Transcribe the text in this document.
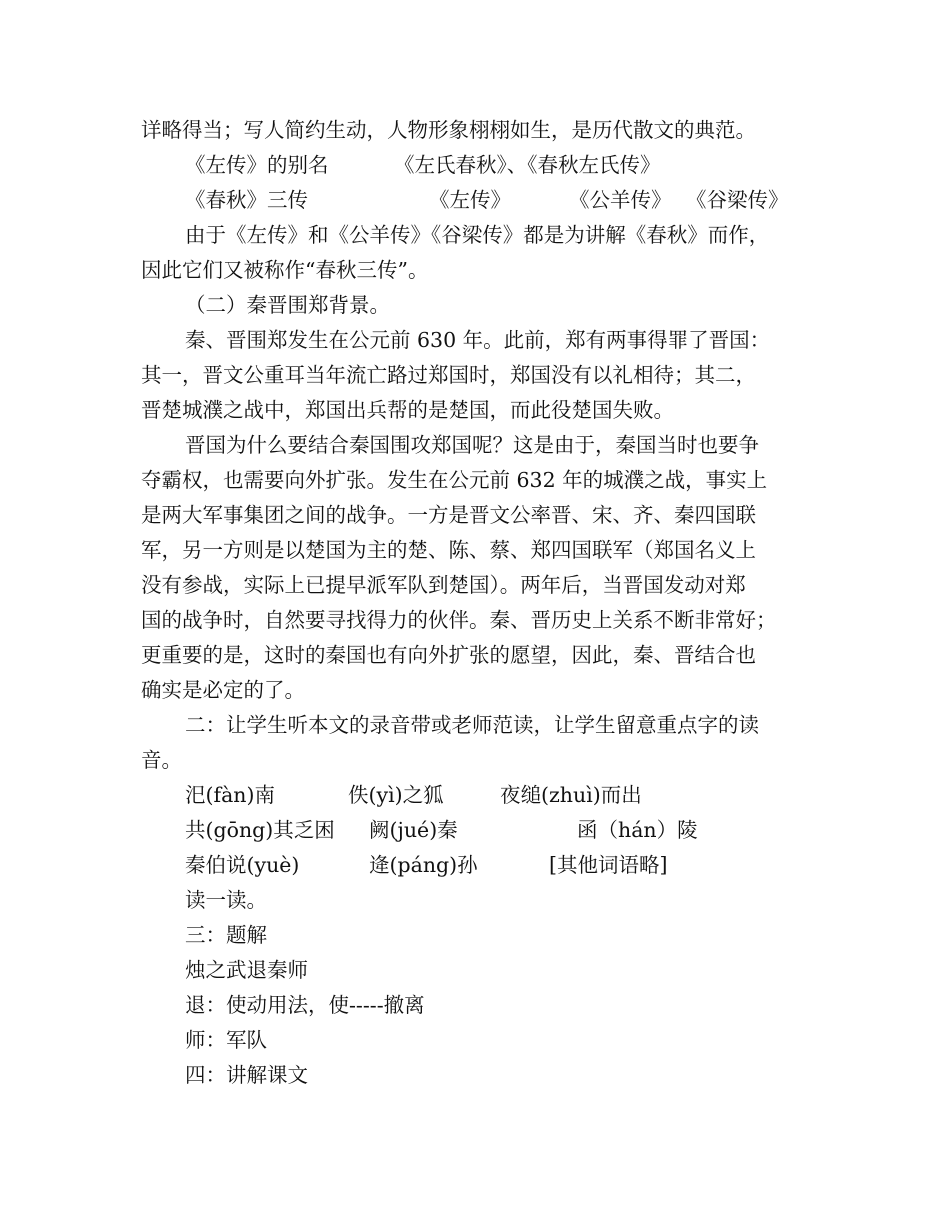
详略得当；写人简约生动，人物形象栩栩如生，是历代散文的典范。
《左传》的别名	《左氏春秋》、《春秋左氏传》
《春秋》三传	《左传》	《公羊传》 《谷梁传》
由于《左传》和《公羊传》《谷梁传》都是为讲解《春秋》而作，
因此它们又被称作“春秋三传”。
（二）秦晋围郑背景。
秦、晋围郑发生在公元前 630 年。此前，郑有两事得罪了晋国：
其一，晋文公重耳当年流亡路过郑国时，郑国没有以礼相待；其二，
晋楚城濮之战中，郑国出兵帮的是楚国，而此役楚国失败。
晋国为什么要结合秦国围攻郑国呢？这是由于，秦国当时也要争
夺霸权，也需要向外扩张。发生在公元前 632 年的城濮之战，事实上
是两大军事集团之间的战争。一方是晋文公率晋、宋、齐、秦四国联
军，另一方则是以楚国为主的楚、陈、蔡、郑四国联军（郑国名义上
没有参战，实际上已提早派军队到楚国）。两年后，当晋国发动对郑
国的战争时，自然要寻找得力的伙伴。秦、晋历史上关系不断非常好；
更重要的是，这时的秦国也有向外扩张的愿望，因此，秦、晋结合也
确实是必定的了。
二：让学生听本文的录音带或老师范读，让学生留意重点字的读
音。
汜(fàn)南	佚(yì)之狐	夜缒(zhuì)而出
共(gōng)其乏困 阙(jué)秦	函（hán）陵
秦伯说(yuè)	逄(páng)孙	[其他词语略]
读一读。
三：题解
烛之武退秦师
退：使动用法，使-----撤离
师：军队
四：讲解课文
